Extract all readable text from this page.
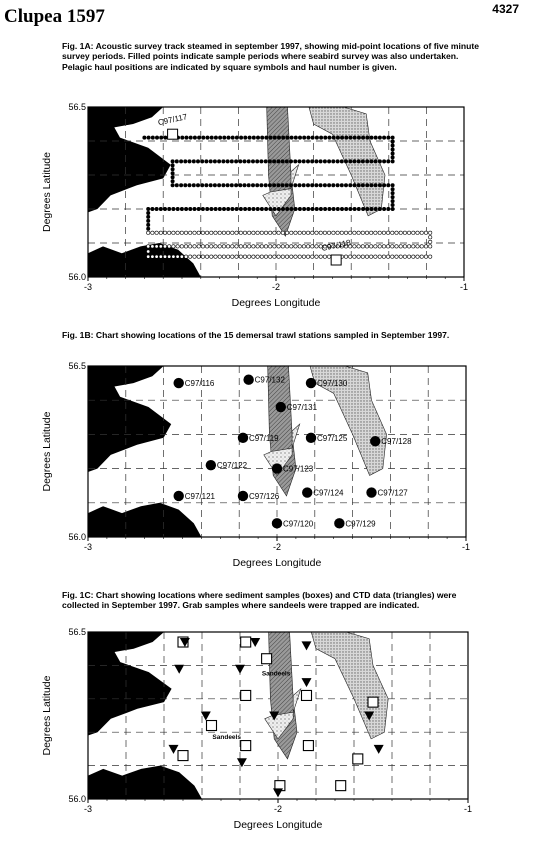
Clupea 1597	4327
Fig. 1A: Acoustic survey track steamed in september 1997, showing mid-point locations of five minute survey periods. Filled points indicate sample periods where seabird survey was also undertaken. Pelagic haul positions are indicated by square symbols and haul number is given.
-3	-2	-1
56.5
56.0
Degrees Longitude
Degrees Latitude
C97/117
C97/118
Fig. 1B: Chart showing locations of the 15 demersal trawl stations sampled in September 1997.
-3	-2	-1
56.5
56.0
Degrees Longitude
Degrees Latitude
C97/116	C97/132	C97/130
C97/131
C97/119	C97/125	C97/128
C97/122	C97/123
C97/121	C97/126	C97/124	C97/127
C97/120	C97/129
Fig. 1C: Chart showing locations where sediment samples (boxes) and CTD data (triangles) were collected in September 1997. Grab samples where sandeels were trapped are indicated.
-3	-2	-1
56.5
56.0
Degrees Longitude
Degrees Latitude
Sandeels
Sandeels
